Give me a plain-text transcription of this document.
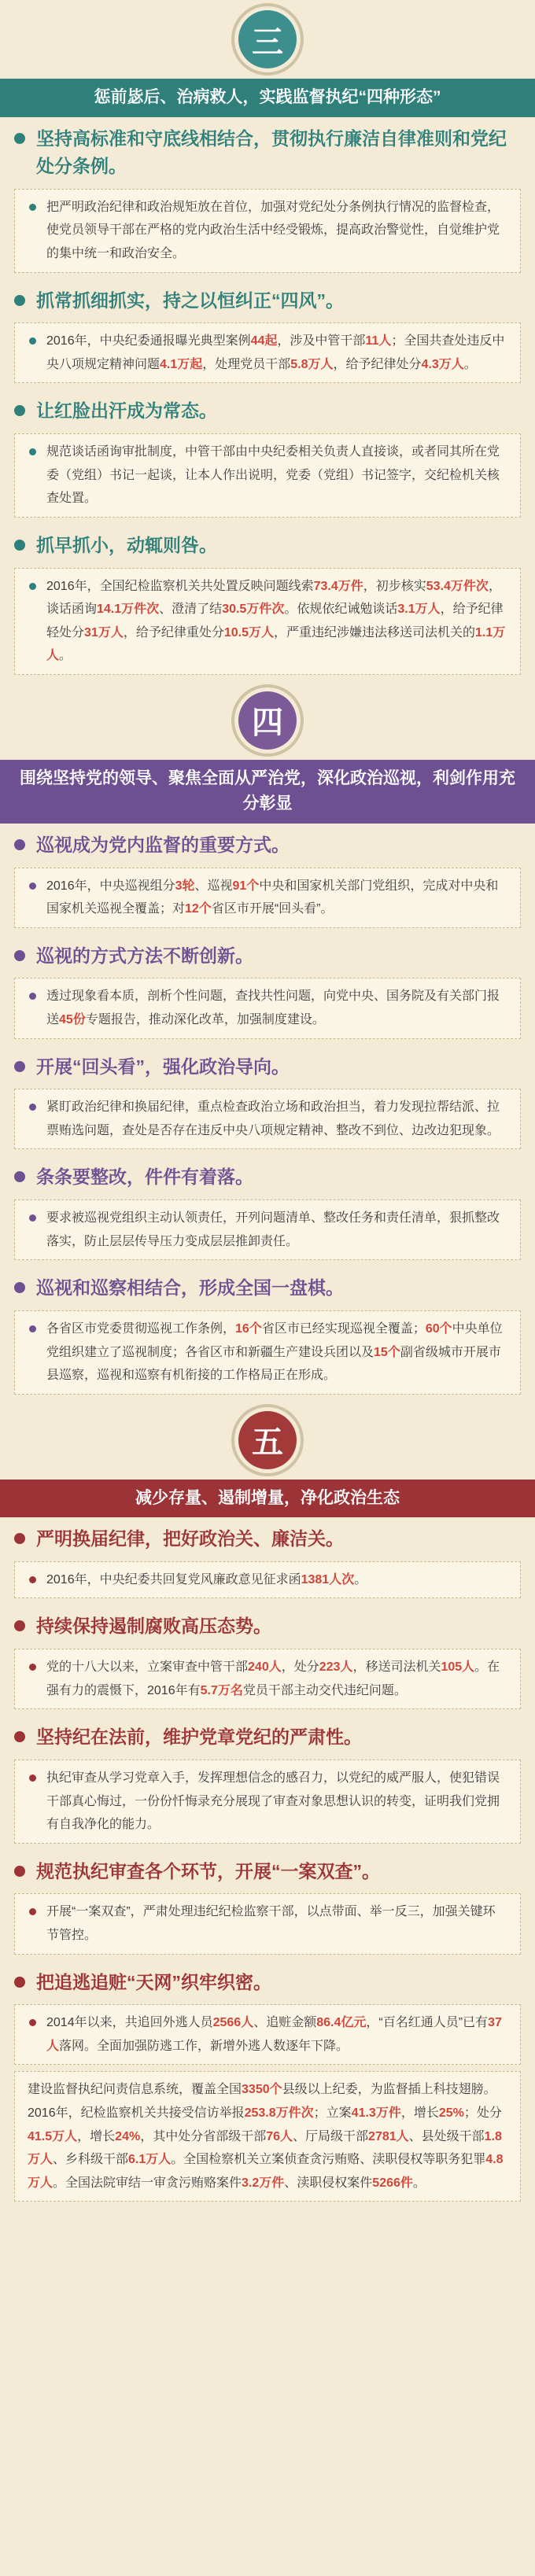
三
惩前毖后、治病救人，实践监督执纪“四种形态”
坚持高标准和守底线相结合，贯彻执行廉洁自律准则和党纪处分条例。
把严明政治纪律和政治规矩放在首位，加强对党纪处分条例执行情况的监督检查，使党员领导干部在严格的党内政治生活中经受锻炼，提高政治警觉性，自觉维护党的集中统一和政治安全。
抓常抓细抓实，持之以恒纠正“四风”。
2016年，中央纪委通报曝光典型案例44起，涉及中管干部11人；全国共查处违反中央八项规定精神问题4.1万起，处理党员干部5.8万人，给予纪律处分4.3万人。
让红脸出汗成为常态。
规范谈话函询审批制度，中管干部由中央纪委相关负责人直接谈，或者同其所在党委（党组）书记一起谈，让本人作出说明，党委（党组）书记签字，交纪检机关核查处置。
抓早抓小，动辄则咎。
2016年，全国纪检监察机关共处置反映问题线索73.4万件，初步核实53.4万件次，谈话函询14.1万件次、澄清了结30.5万件次。依规依纪诫勉谈话3.1万人，给予纪律轻处分31万人，给予纪律重处分10.5万人，严重违纪涉嫌违法移送司法机关的1.1万人。
四
围绕坚持党的领导、聚焦全面从严治党，深化政治巡视，利剑作用充分彰显
巡视成为党内监督的重要方式。
2016年，中央巡视组分3轮、巡视91个中央和国家机关部门党组织，完成对中央和国家机关巡视全覆盖；对12个省区市开展“回头看”。
巡视的方式方法不断创新。
透过现象看本质，剖析个性问题，查找共性问题，向党中央、国务院及有关部门报送45份专题报告，推动深化改革，加强制度建设。
开展“回头看”，强化政治导向。
紧盯政治纪律和换届纪律，重点检查政治立场和政治担当，着力发现拉帮结派、拉票贿选问题，查处是否存在违反中央八项规定精神、整改不到位、边改边犯现象。
条条要整改，件件有着落。
要求被巡视党组织主动认领责任，开列问题清单、整改任务和责任清单，狠抓整改落实，防止层层传导压力变成层层推卸责任。
巡视和巡察相结合，形成全国一盘棋。
各省区市党委贯彻巡视工作条例，16个省区市已经实现巡视全覆盖；60个中央单位党组织建立了巡视制度；各省区市和新疆生产建设兵团以及15个副省级城市开展市县巡察，巡视和巡察有机衔接的工作格局正在形成。
五
减少存量、遏制增量，净化政治生态
严明换届纪律，把好政治关、廉洁关。
2016年，中央纪委共回复党风廉政意见征求函1381人次。
持续保持遏制腐败高压态势。
党的十八大以来，立案审查中管干部240人，处分223人，移送司法机关105人。在强有力的震慑下，2016年有5.7万名党员干部主动交代违纪问题。
坚持纪在法前，维护党章党纪的严肃性。
执纪审查从学习党章入手，发挥理想信念的感召力，以党纪的威严服人，使犯错误干部真心悔过，一份份忏悔录充分展现了审查对象思想认识的转变，证明我们党拥有自我净化的能力。
规范执纪审查各个环节，开展“一案双查”。
开展“一案双查”，严肃处理违纪纪检监察干部，以点带面、举一反三，加强关键环节管控。
把追逃追赃“天网”织牢织密。
2014年以来，共追回外逃人员2566人、追赃金额86.4亿元，“百名红通人员”已有37人落网。全面加强防逃工作，新增外逃人数逐年下降。
建设监督执纪问责信息系统，覆盖全国3350个县级以上纪委，为监督插上科技翅膀。2016年，纪检监察机关共接受信访举报253.8万件次；立案41.3万件，增长25%；处分41.5万人，增长24%，其中处分省部级干部76人、厅局级干部2781人、县处级干部1.8万人、乡科级干部6.1万人。全国检察机关立案侦查贪污贿赂、渎职侵权等职务犯罪4.8万人。全国法院审结一审贪污贿赂案件3.2万件、渎职侵权案件5266件。
